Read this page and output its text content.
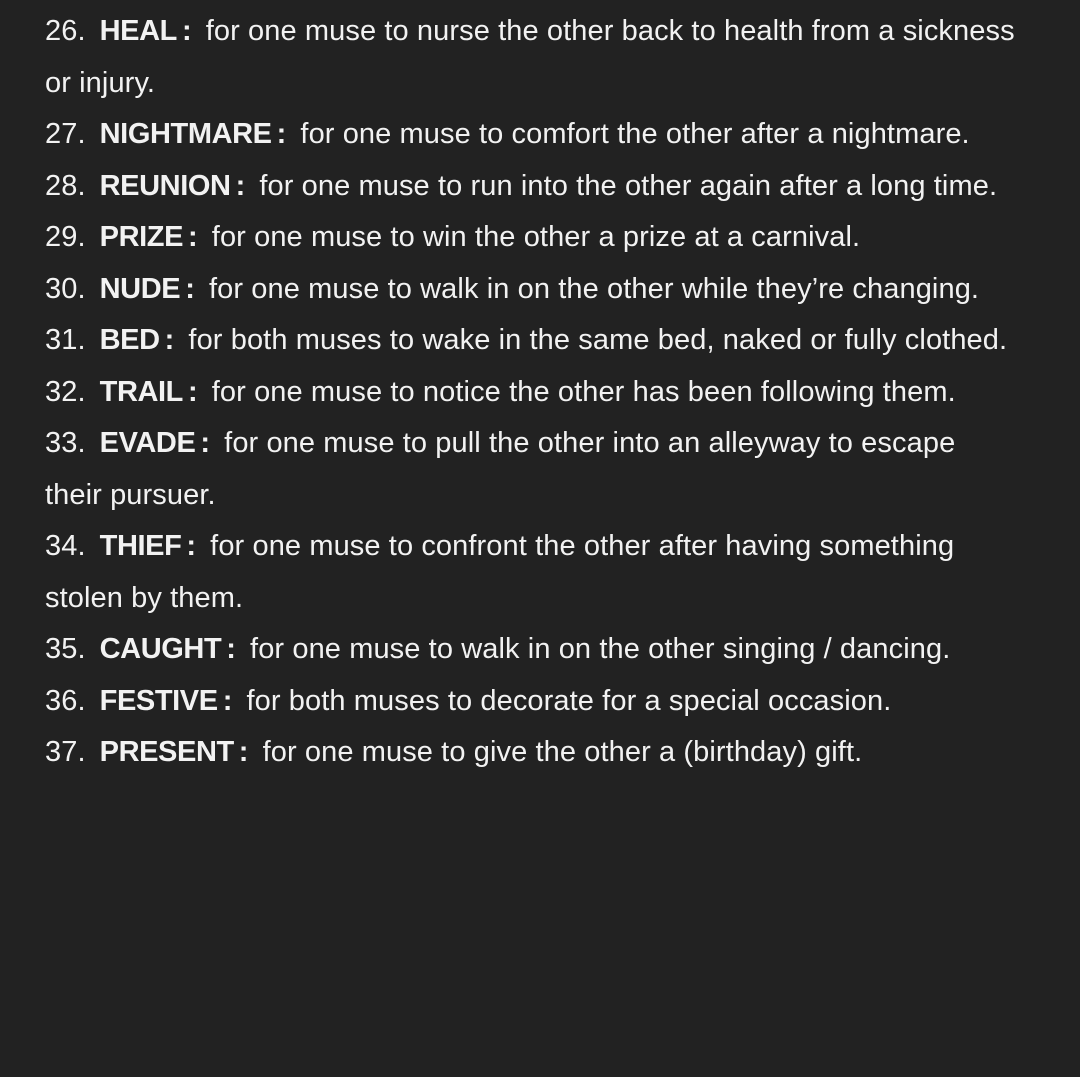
26. HEAL : for one muse to nurse the other back to health from a sickness or injury.

27. NIGHTMARE : for one muse to comfort the other after a nightmare.

28. REUNION : for one muse to run into the other again after a long time.

29. PRIZE : for one muse to win the other a prize at a carnival.

30. NUDE : for one muse to walk in on the other while they’re changing.

31. BED : for both muses to wake in the same bed, naked or fully clothed.

32. TRAIL : for one muse to notice the other has been following them.

33. EVADE : for one muse to pull the other into an alleyway to escape their pursuer.

34. THIEF : for one muse to confront the other after having something stolen by them.

35. CAUGHT : for one muse to walk in on the other singing / dancing.

36. FESTIVE : for both muses to decorate for a special occasion.

37. PRESENT : for one muse to give the other a (birthday) gift.
